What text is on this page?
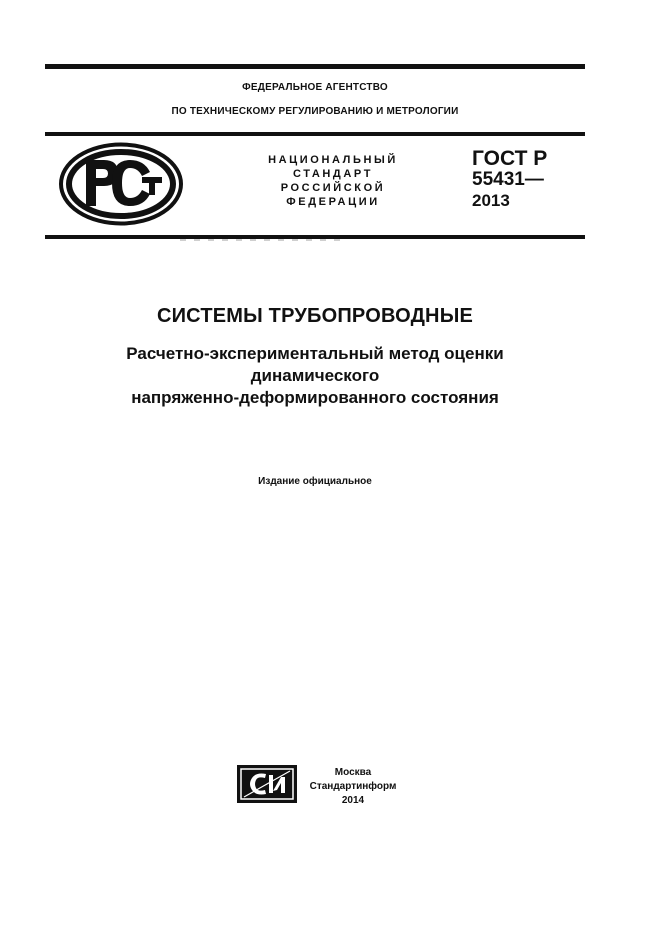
ФЕДЕРАЛЬНОЕ АГЕНТСТВО
ПО ТЕХНИЧЕСКОМУ РЕГУЛИРОВАНИЮ И МЕТРОЛОГИИ
НАЦИОНАЛЬНЫЙ
СТАНДАРТ
РОССИЙСКОЙ
ФЕДЕРАЦИИ
ГОСТ Р
55431—
2013
СИСТЕМЫ ТРУБОПРОВОДНЫЕ
Расчетно-экспериментальный метод оценки
динамического
напряженно-деформированного состояния
Издание официальное
Москва
Стандартинформ
2014
